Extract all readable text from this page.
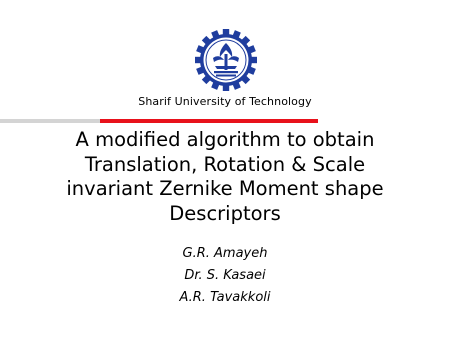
Sharif University of Technology
A modified algorithm to obtain
Translation, Rotation & Scale
invariant Zernike Moment shape
Descriptors
G.R. Amayeh
Dr. S. Kasaei
A.R. Tavakkoli
